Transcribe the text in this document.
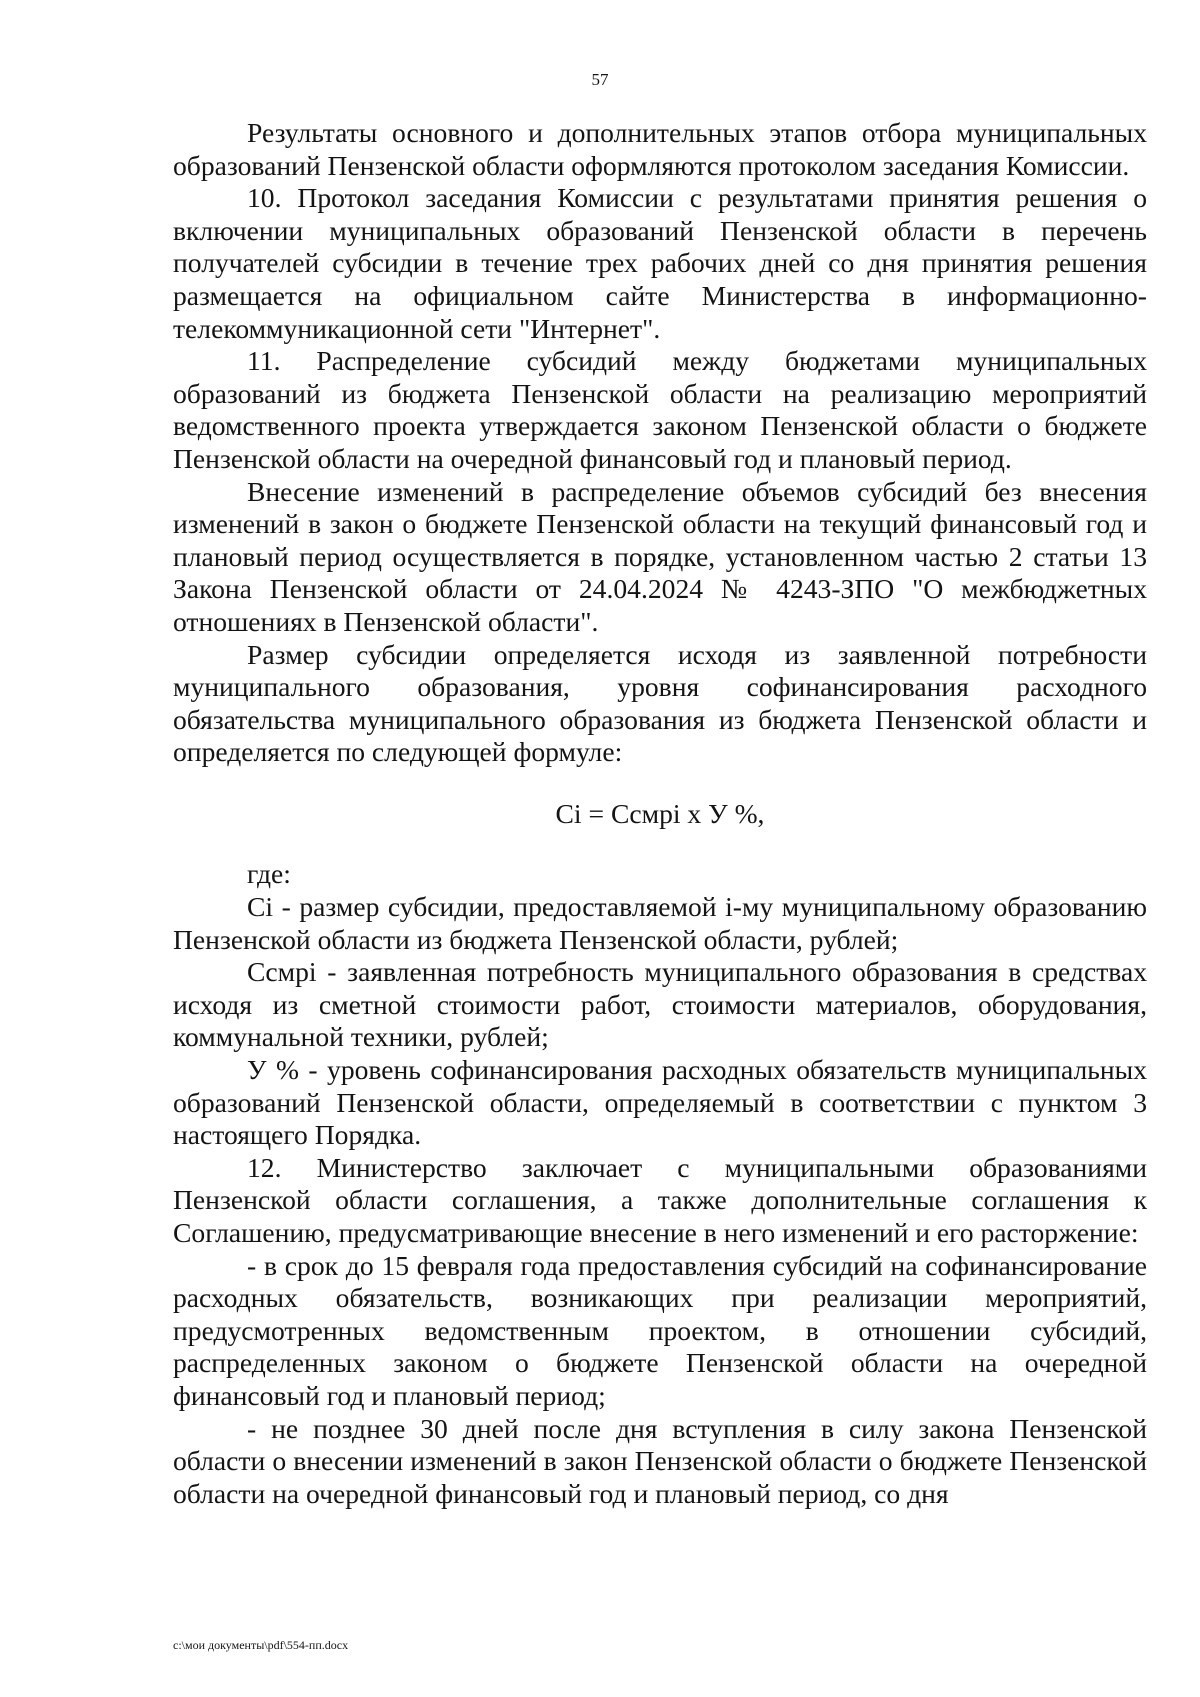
57

Результаты основного и дополнительных этапов отбора муниципальных образований Пензенской области оформляются протоколом заседания Комиссии.

10. Протокол заседания Комиссии с результатами принятия решения о включении муниципальных образований Пензенской области в перечень получателей субсидии в течение трех рабочих дней со дня принятия решения размещается на официальном сайте Министерства в информационно-телекоммуникационной сети "Интернет".

11. Распределение субсидий между бюджетами муниципальных образований из бюджета Пензенской области на реализацию мероприятий ведомственного проекта утверждается законом Пензенской области о бюджете Пензенской области на очередной финансовый год и плановый период.

Внесение изменений в распределение объемов субсидий без внесения изменений в закон о бюджете Пензенской области на текущий финансовый год и плановый период осуществляется в порядке, установленном частью 2 статьи 13 Закона Пензенской области от 24.04.2024 № 4243-ЗПО "О межбюджетных отношениях в Пензенской области".

Размер субсидии определяется исходя из заявленной потребности муниципального образования, уровня софинансирования расходного обязательства муниципального образования из бюджета Пензенской области и определяется по следующей формуле:

Ci = Ccмpi x У %,

где:

Ci - размер субсидии, предоставляемой i-му муниципальному образованию Пензенской области из бюджета Пензенской области, рублей;

Ccмpi - заявленная потребность муниципального образования в средствах исходя из сметной стоимости работ, стоимости материалов, оборудования, коммунальной техники, рублей;

У % - уровень софинансирования расходных обязательств муниципальных образований Пензенской области, определяемый в соответствии с пунктом 3 настоящего Порядка.

12. Министерство заключает с муниципальными образованиями Пензенской области соглашения, а также дополнительные соглашения к Соглашению, предусматривающие внесение в него изменений и его расторжение:

- в срок до 15 февраля года предоставления субсидий на софинансирование расходных обязательств, возникающих при реализации мероприятий, предусмотренных ведомственным проектом, в отношении субсидий, распределенных законом о бюджете Пензенской области на очередной финансовый год и плановый период;

- не позднее 30 дней после дня вступления в силу закона Пензенской области о внесении изменений в закон Пензенской области о бюджете Пензенской области на очередной финансовый год и плановый период, со дня

c:\мои документы\pdf\554-пп.docx
